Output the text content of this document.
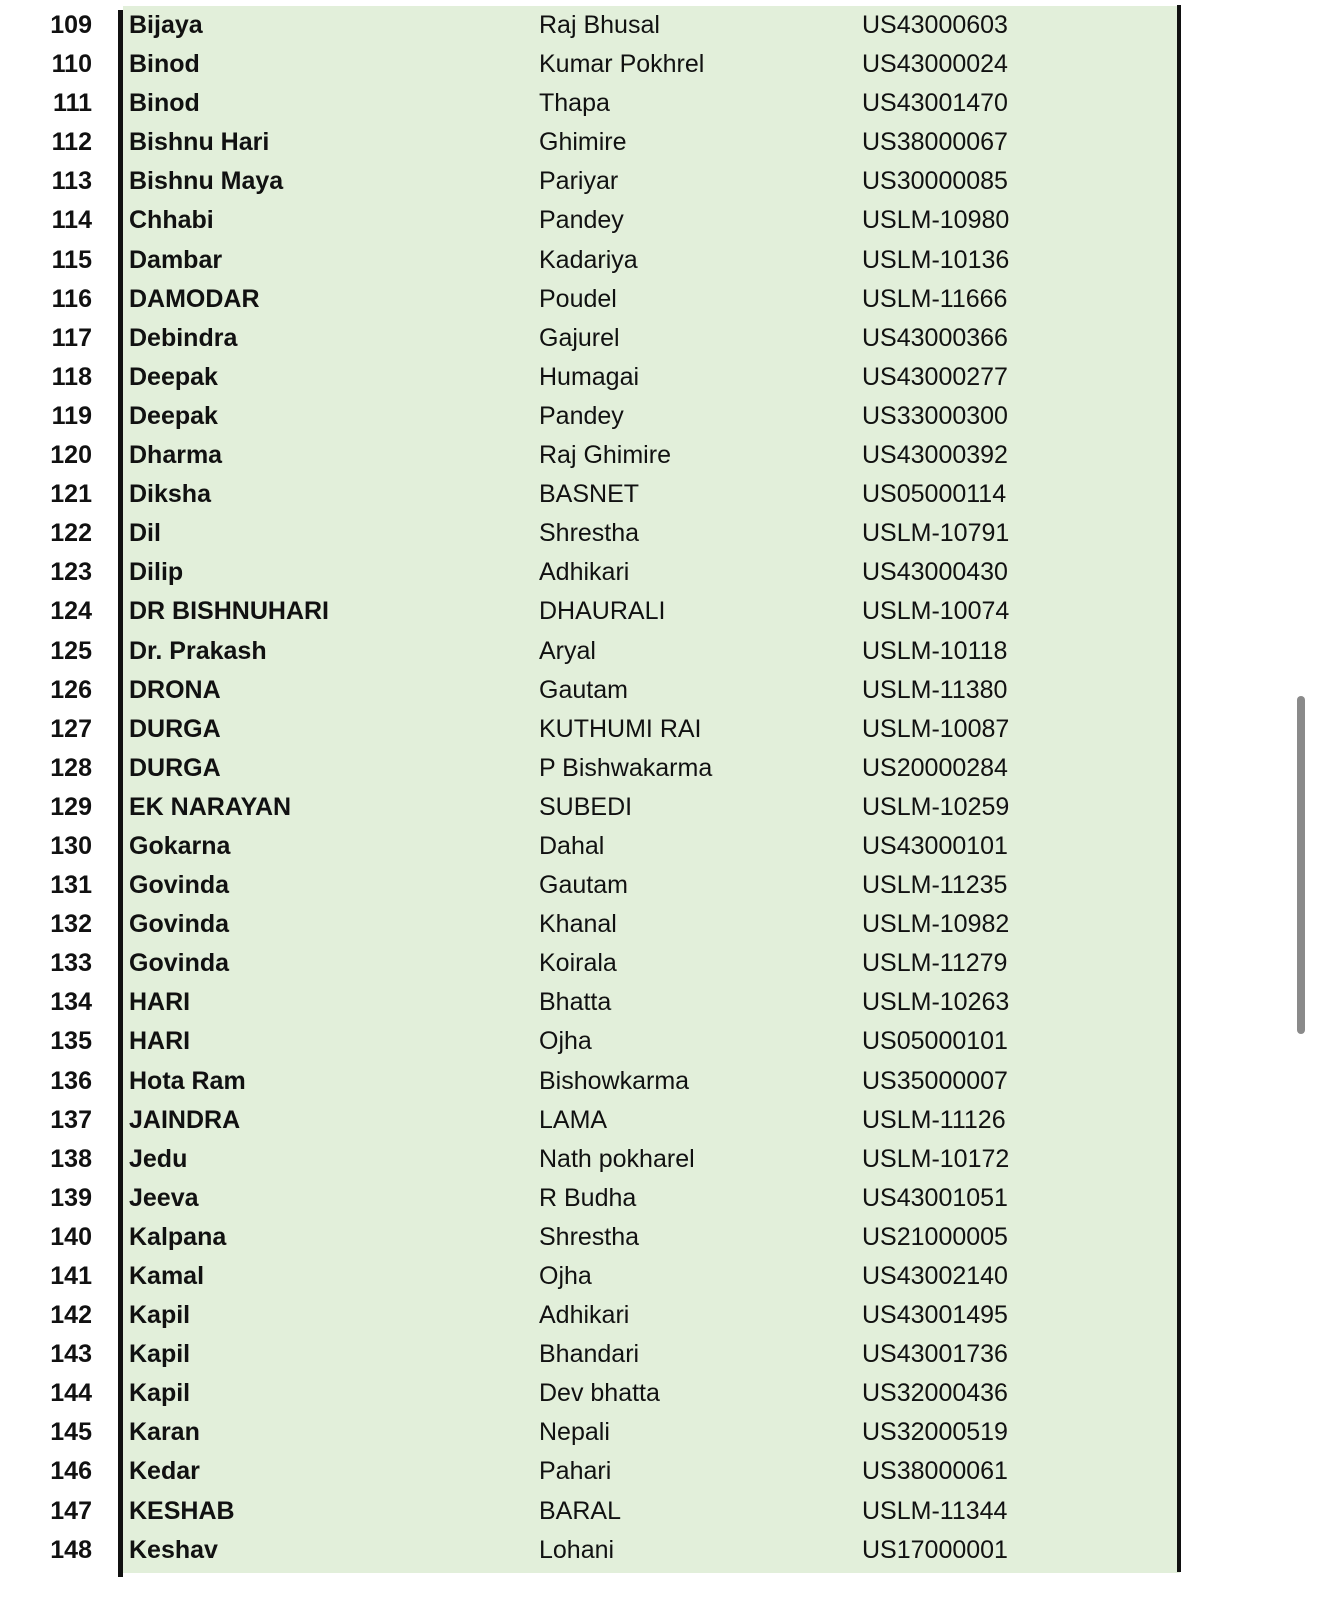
109 Bijaya	Raj Bhusal	US43000603
110 Binod	Kumar Pokhrel	US43000024
111 Binod	Thapa	US43001470
112 Bishnu Hari	Ghimire	US38000067
113 Bishnu Maya	Pariyar	US30000085
114 Chhabi	Pandey	USLM-10980
115 Dambar	Kadariya	USLM-10136
116 DAMODAR	Poudel	USLM-11666
117 Debindra	Gajurel	US43000366
118 Deepak	Humagai	US43000277
119 Deepak	Pandey	US33000300
120 Dharma	Raj Ghimire	US43000392
121 Diksha	BASNET	US05000114
122 Dil	Shrestha	USLM-10791
123 Dilip	Adhikari	US43000430
124 DR BISHNUHARI	DHAURALI	USLM-10074
125 Dr. Prakash	Aryal	USLM-10118
126 DRONA	Gautam	USLM-11380
127 DURGA	KUTHUMI RAI	USLM-10087
128 DURGA	P Bishwakarma	US20000284
129 EK NARAYAN	SUBEDI	USLM-10259
130 Gokarna	Dahal	US43000101
131 Govinda	Gautam	USLM-11235
132 Govinda	Khanal	USLM-10982
133 Govinda	Koirala	USLM-11279
134 HARI	Bhatta	USLM-10263
135 HARI	Ojha	US05000101
136 Hota Ram	Bishowkarma	US35000007
137 JAINDRA	LAMA	USLM-11126
138 Jedu	Nath pokharel	USLM-10172
139 Jeeva	R Budha	US43001051
140 Kalpana	Shrestha	US21000005
141 Kamal	Ojha	US43002140
142 Kapil	Adhikari	US43001495
143 Kapil	Bhandari	US43001736
144 Kapil	Dev bhatta	US32000436
145 Karan	Nepali	US32000519
146 Kedar	Pahari	US38000061
147 KESHAB	BARAL	USLM-11344
148 Keshav	Lohani	US17000001
